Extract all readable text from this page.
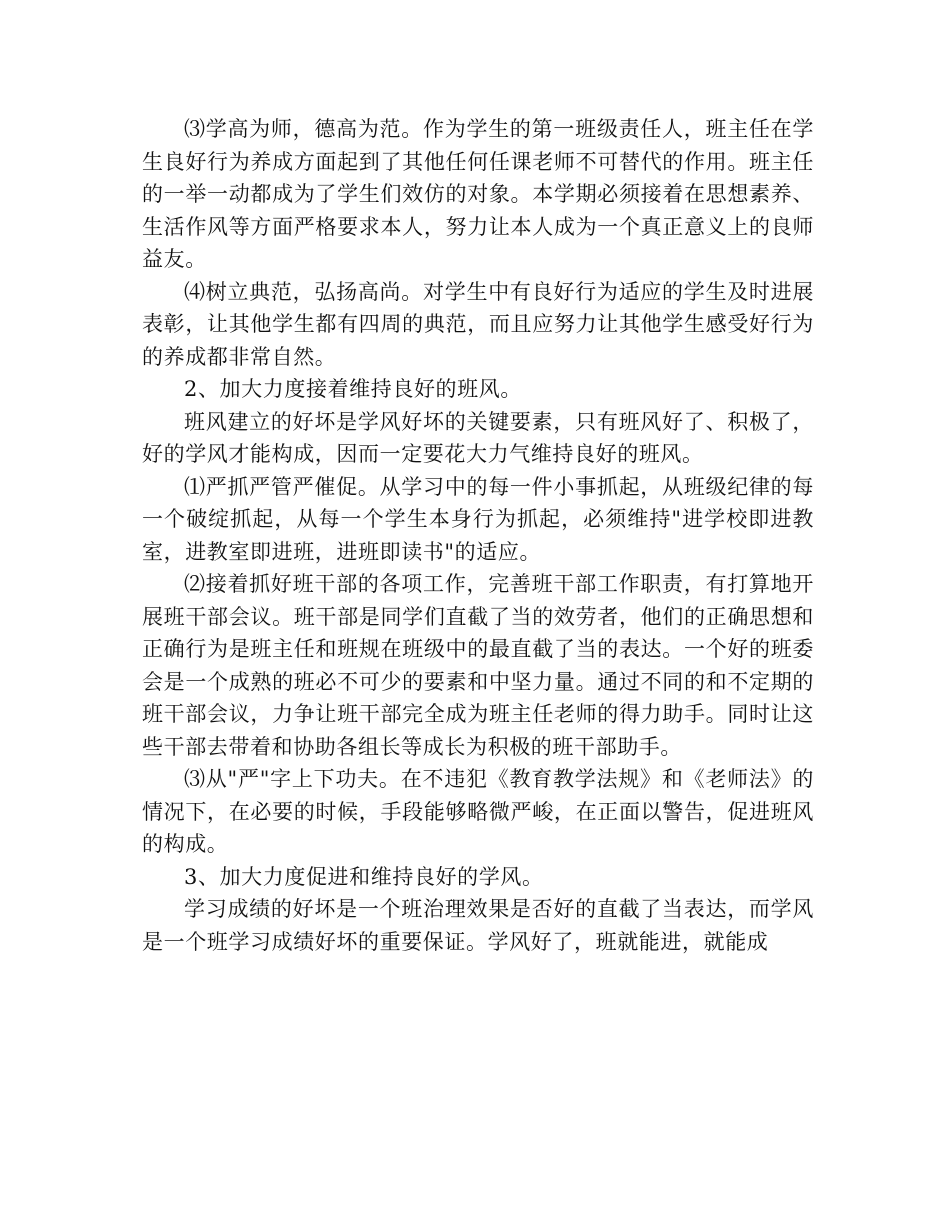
⑶学高为师，德高为范。作为学生的第一班级责任人，班主任在学生良好行为养成方面起到了其他任何任课老师不可替代的作用。班主任的一举一动都成为了学生们效仿的对象。本学期必须接着在思想素养、生活作风等方面严格要求本人，努力让本人成为一个真正意义上的良师益友。

⑷树立典范，弘扬高尚。对学生中有良好行为适应的学生及时进展表彰，让其他学生都有四周的典范，而且应努力让其他学生感受好行为的养成都非常自然。

2、加大力度接着维持良好的班风。

班风建立的好坏是学风好坏的关键要素，只有班风好了、积极了，好的学风才能构成，因而一定要花大力气维持良好的班风。

⑴严抓严管严催促。从学习中的每一件小事抓起，从班级纪律的每一个破绽抓起，从每一个学生本身行为抓起，必须维持"进学校即进教室，进教室即进班，进班即读书"的适应。

⑵接着抓好班干部的各项工作，完善班干部工作职责，有打算地开展班干部会议。班干部是同学们直截了当的效劳者，他们的正确思想和正确行为是班主任和班规在班级中的最直截了当的表达。一个好的班委会是一个成熟的班必不可少的要素和中坚力量。通过不同的和不定期的班干部会议，力争让班干部完全成为班主任老师的得力助手。同时让这些干部去带着和协助各组长等成长为积极的班干部助手。

⑶从"严"字上下功夫。在不违犯《教育教学法规》和《老师法》的情况下，在必要的时候，手段能够略微严峻，在正面以警告，促进班风的构成。

3、加大力度促进和维持良好的学风。

学习成绩的好坏是一个班治理效果是否好的直截了当表达，而学风是一个班学习成绩好坏的重要保证。学风好了，班就能进，就能成
